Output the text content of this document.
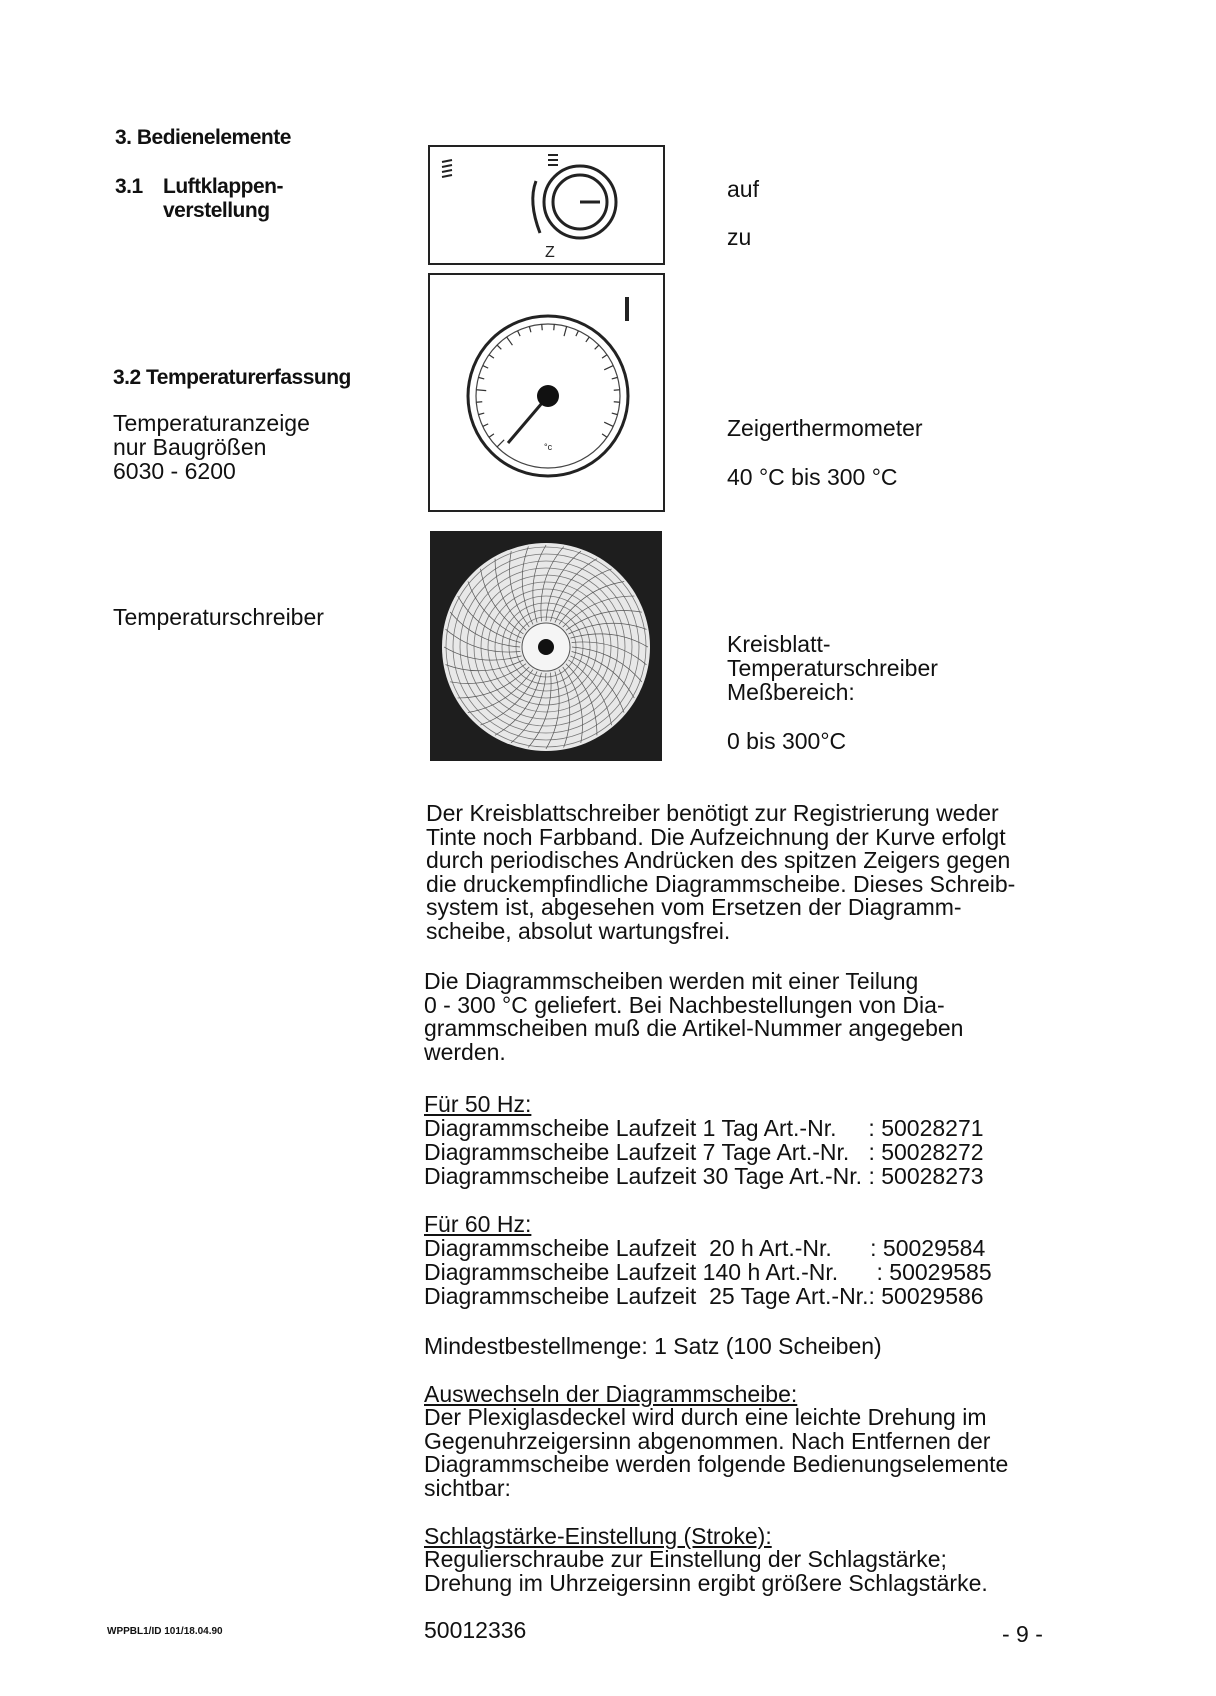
3. Bedienelemente
3.1 Luftklappen-
verstellung
3.2 Temperaturerfassung
Temperaturanzeige
nur Baugrößen
6030 - 6200
Temperaturschreiber
Z
auf
zu
°c
Zeigerthermometer
40 °C bis 300 °C
Kreisblatt-
Temperaturschreiber
Meßbereich:
0 bis 300°C
Der Kreisblattschreiber benötigt zur Registrierung weder
Tinte noch Farbband. Die Aufzeichnung der Kurve erfolgt
durch periodisches Andrücken des spitzen Zeigers gegen
die druckempfindliche Diagrammscheibe. Dieses Schreib-
system ist, abgesehen vom Ersetzen der Diagramm-
scheibe, absolut wartungsfrei.
Die Diagrammscheiben werden mit einer Teilung
0 - 300 °C geliefert. Bei Nachbestellungen von Dia-
grammscheiben muß die Artikel-Nummer angegeben
werden.
Für 50 Hz:
Diagrammscheibe Laufzeit 1 Tag Art.-Nr.     : 50028271
Diagrammscheibe Laufzeit 7 Tage Art.-Nr.   : 50028272
Diagrammscheibe Laufzeit 30 Tage Art.-Nr. : 50028273
Für 60 Hz:
Diagrammscheibe Laufzeit  20 h Art.-Nr.      : 50029584
Diagrammscheibe Laufzeit 140 h Art.-Nr.      : 50029585
Diagrammscheibe Laufzeit  25 Tage Art.-Nr.: 50029586
Mindestbestellmenge: 1 Satz (100 Scheiben)
Auswechseln der Diagrammscheibe:
Der Plexiglasdeckel wird durch eine leichte Drehung im
Gegenuhrzeigersinn abgenommen. Nach Entfernen der
Diagrammscheibe werden folgende Bedienungselemente
sichtbar:
Schlagstärke-Einstellung (Stroke):
Regulierschraube zur Einstellung der Schlagstärke;
Drehung im Uhrzeigersinn ergibt größere Schlagstärke.
WPPBL1/ID 101/18.04.90	50012336	- 9 -
